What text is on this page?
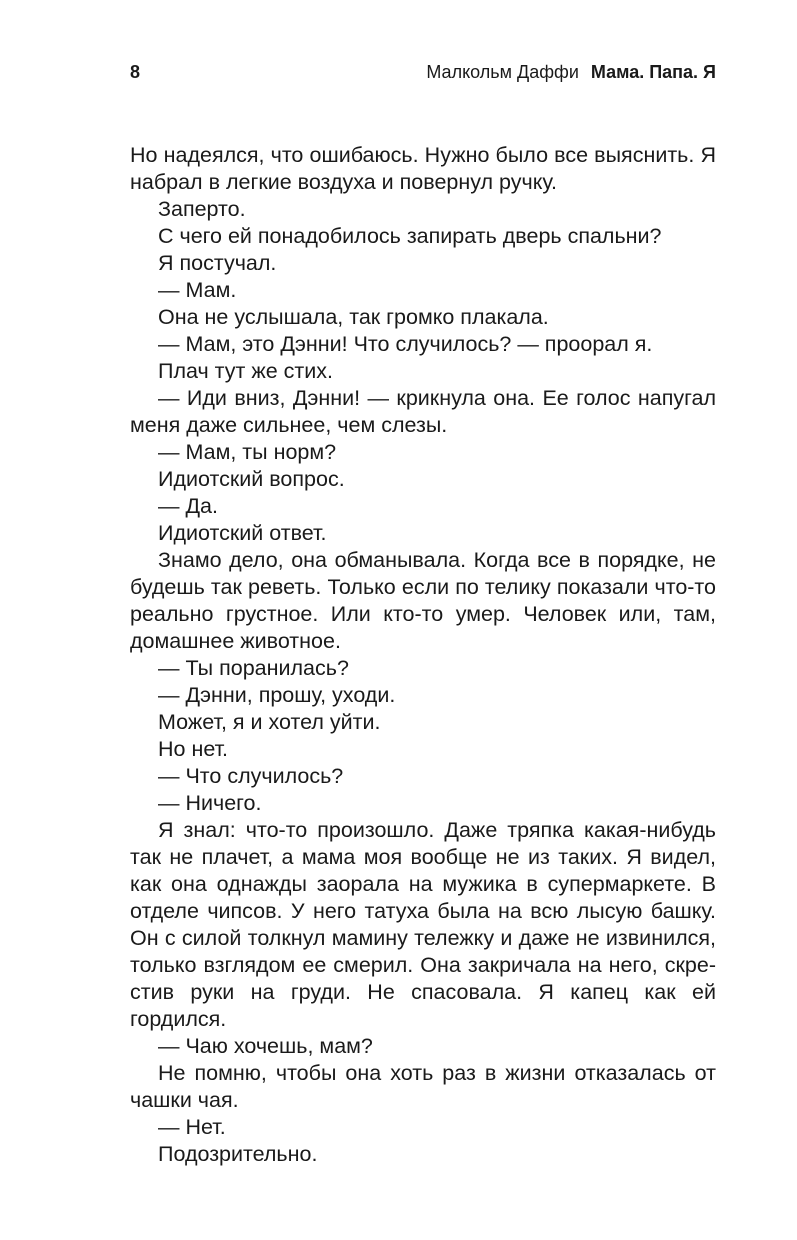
8	Малкольм Даффи Мама. Папа. Я

Но надеялся, что ошибаюсь. Нужно было все выяснить. Я набрал в легкие воздуха и повернул ручку.

Заперто.

С чего ей понадобилось запирать дверь спальни?

Я постучал.

— Мам.

Она не услышала, так громко плакала.

— Мам, это Дэнни! Что случилось? — проорал я.

Плач тут же стих.

— Иди вниз, Дэнни! — крикнула она. Ее голос напугал меня даже сильнее, чем слезы.

— Мам, ты норм?

Идиотский вопрос.

— Да.

Идиотский ответ.

Знамо дело, она обманывала. Когда все в порядке, не будешь так реветь. Только если по телику показали что-то реально грустное. Или кто-то умер. Человек или, там, домашнее животное.

— Ты поранилась?

— Дэнни, прошу, уходи.

Может, я и хотел уйти.

Но нет.

— Что случилось?

— Ничего.

Я знал: что-то произошло. Даже тряпка какая-нибудь так не плачет, а мама моя вообще не из таких. Я видел, как она однажды заорала на мужика в супермаркете. В отделе чипсов. У него татуха была на всю лысую башку. Он с силой толкнул мамину тележку и даже не извинился, только взглядом ее смерил. Она закричала на него, скрестив руки на груди. Не спасовала. Я капец как ей гордился.

— Чаю хочешь, мам?

Не помню, чтобы она хоть раз в жизни отказалась от чашки чая.

— Нет.

Подозрительно.
